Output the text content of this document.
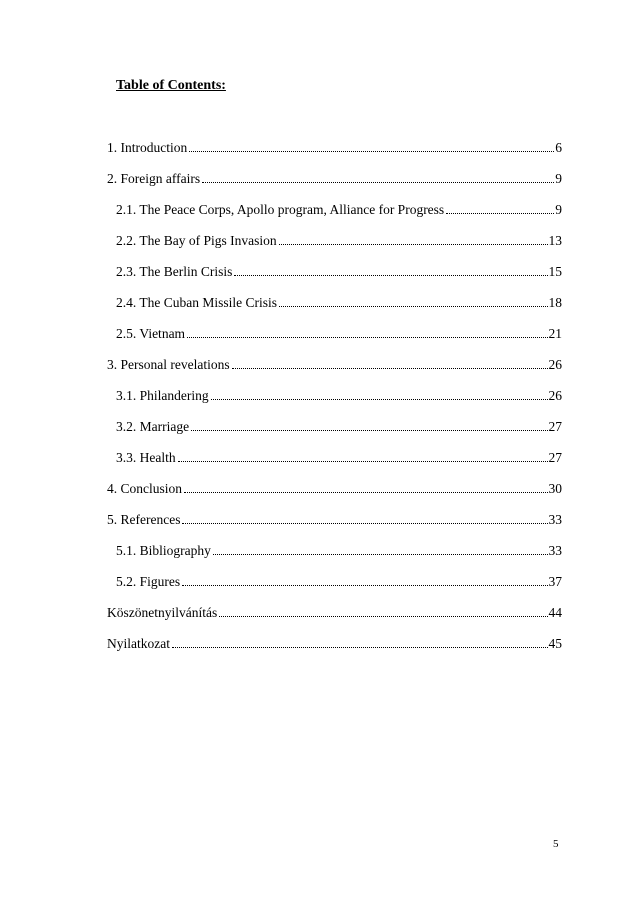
Table of Contents:
1. Introduction	6
2. Foreign affairs	9
2.1. The Peace Corps, Apollo program, Alliance for Progress	9
2.2. The Bay of Pigs Invasion	13
2.3. The Berlin Crisis	15
2.4. The Cuban Missile Crisis	18
2.5. Vietnam	21
3. Personal revelations	26
3.1. Philandering	26
3.2. Marriage	27
3.3. Health	27
4. Conclusion	30
5. References	33
5.1. Bibliography	33
5.2. Figures	37
Köszönetnyilvánítás	44
Nyilatkozat	45
5
